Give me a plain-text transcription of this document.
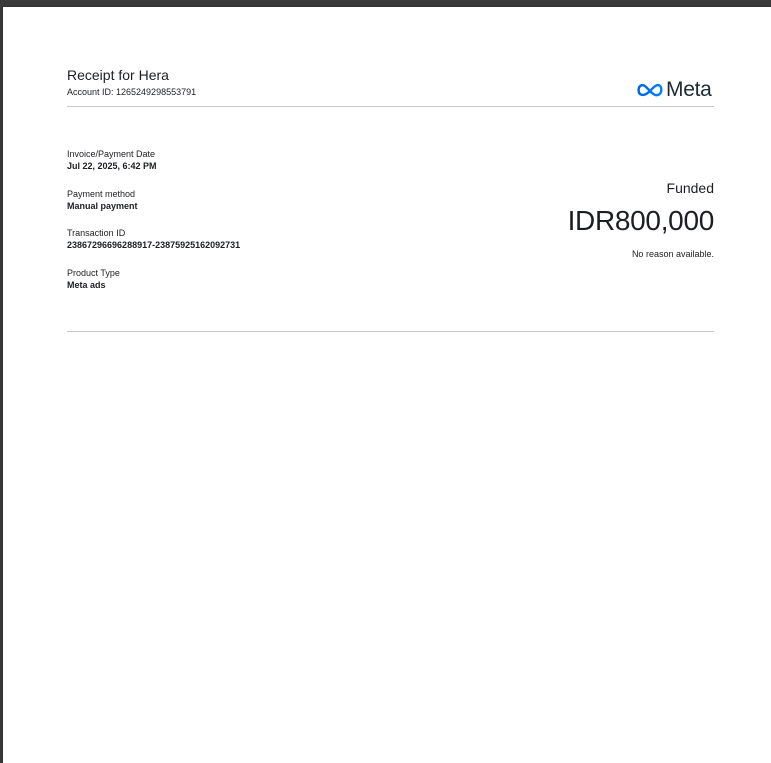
Receipt for Hera
Account ID: 1265249298553791	Meta
Invoice/Payment Date
Jul 22, 2025, 6:42 PM
Payment method
Manual payment
Transaction ID
23867296696288917-23875925162092731
Product Type
Meta ads
Funded
IDR800,000
No reason available.
